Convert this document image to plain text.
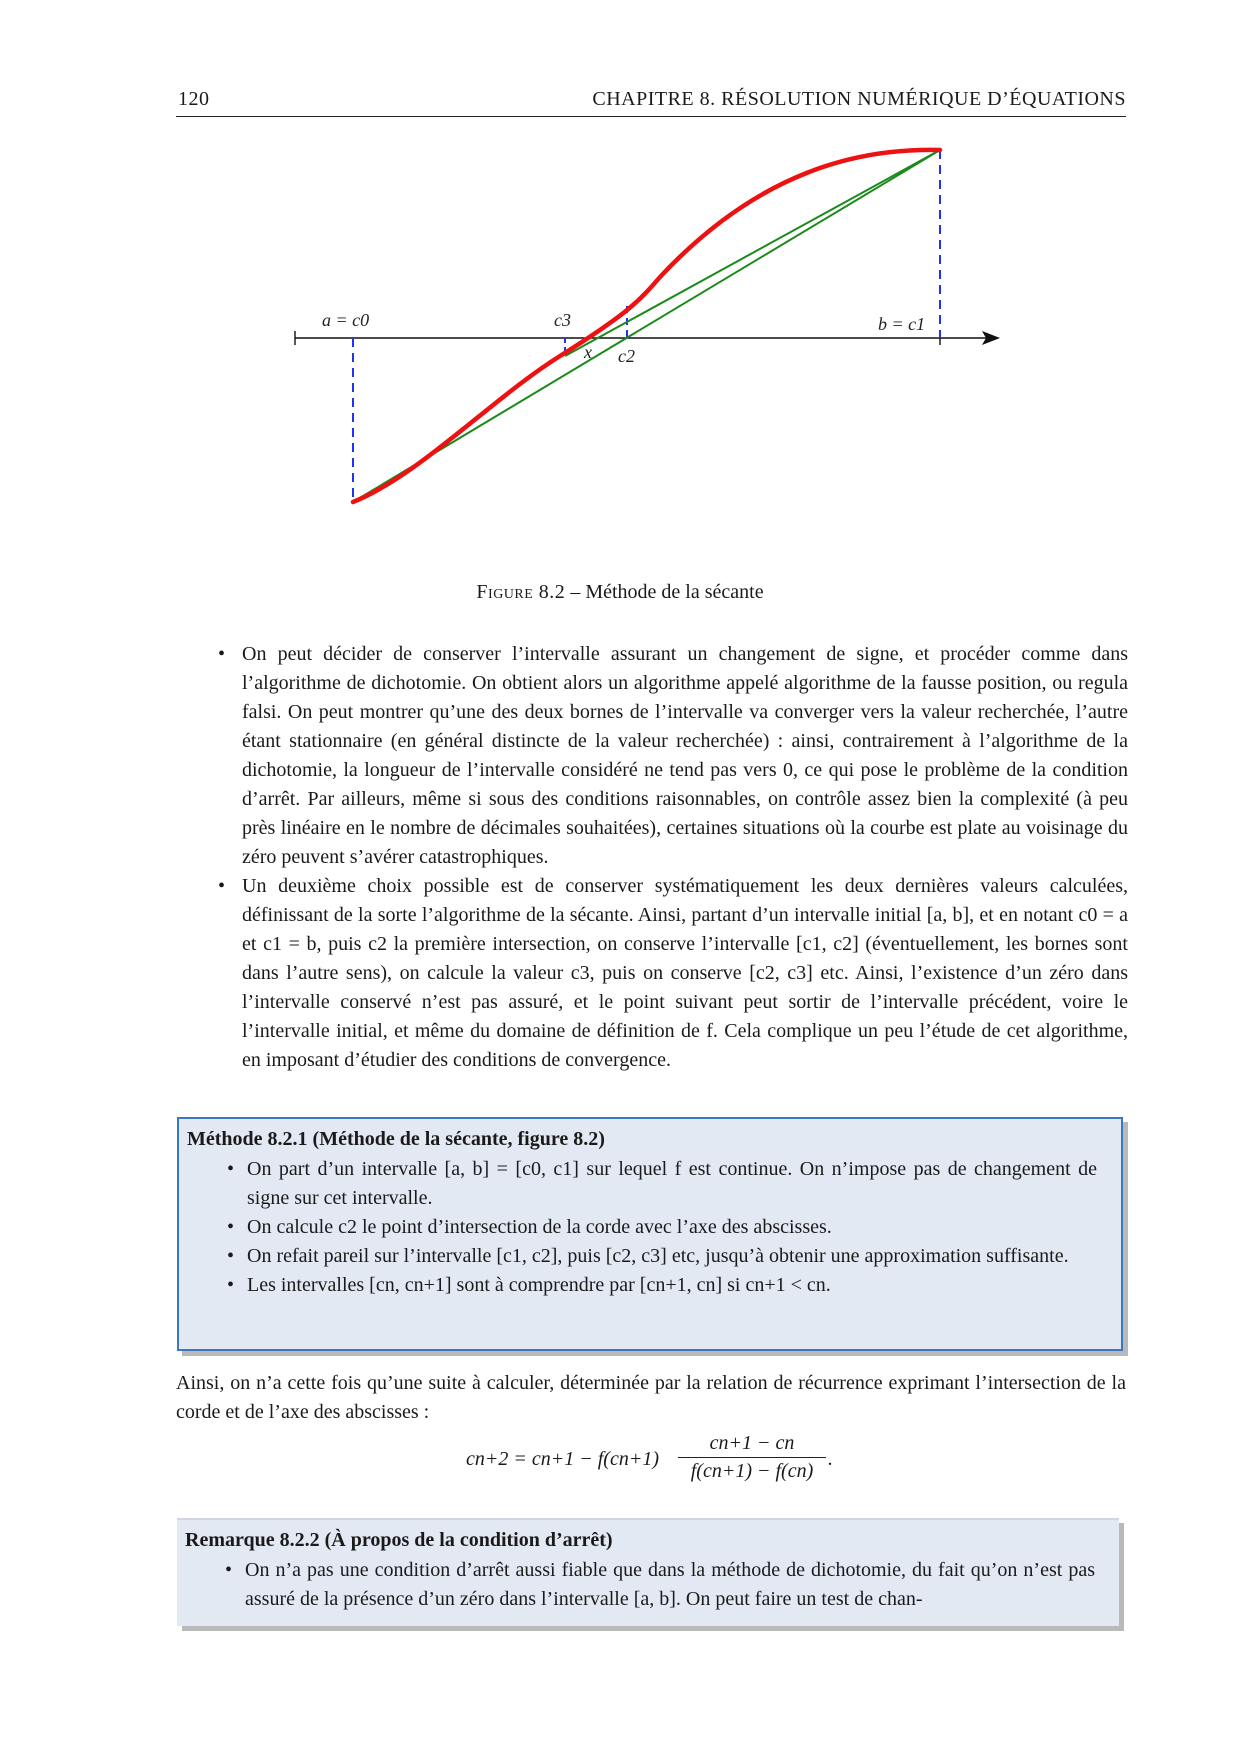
120	CHAPITRE 8. RÉSOLUTION NUMÉRIQUE D’ÉQUATIONS
a = c0	c3
x c2
b = c1
Figure 8.2 – Méthode de la sécante
• On peut décider de conserver l’intervalle assurant un changement de signe, et procéder comme dans l’algorithme de dichotomie. On obtient alors un algorithme appelé algorithme de la fausse position, ou regula falsi. On peut montrer qu’une des deux bornes de l’intervalle va converger vers la valeur recherchée, l’autre étant stationnaire (en général distincte de la valeur recherchée) : ainsi, contrairement à l’algorithme de la dichotomie, la longueur de l’intervalle considéré ne tend pas vers 0, ce qui pose le problème de la condition d’arrêt. Par ailleurs, même si sous des conditions raisonnables, on contrôle assez bien la complexité (à peu près linéaire en le nombre de décimales souhaitées), certaines situations où la courbe est plate au voisinage du zéro peuvent s’avérer catastrophiques.
• Un deuxième choix possible est de conserver systématiquement les deux dernières valeurs calculées, définissant de la sorte l’algorithme de la sécante. Ainsi, partant d’un intervalle initial [a, b], et en notant c0 = a et c1 = b, puis c2 la première intersection, on conserve l’intervalle [c1, c2] (éventuellement, les bornes sont dans l’autre sens), on calcule la valeur c3, puis on conserve [c2, c3] etc. Ainsi, l’existence d’un zéro dans l’intervalle conservé n’est pas assuré, et le point suivant peut sortir de l’intervalle précédent, voire le l’intervalle initial, et même du domaine de définition de f. Cela complique un peu l’étude de cet algorithme, en imposant d’étudier des conditions de convergence.
Méthode 8.2.1 (Méthode de la sécante, figure 8.2)
• On part d’un intervalle [a, b] = [c0, c1] sur lequel f est continue. On n’impose pas de changement de signe sur cet intervalle.
• On calcule c2 le point d’intersection de la corde avec l’axe des abscisses.
• On refait pareil sur l’intervalle [c1, c2], puis [c2, c3] etc, jusqu’à obtenir une approximation suffisante.
• Les intervalles [cn, cn+1] sont à comprendre par [cn+1, cn] si cn+1 < cn.

Ainsi, on n’a cette fois qu’une suite à calculer, déterminée par la relation de récurrence exprimant l’intersection de la corde et de l’axe des abscisses :

$cn+2 = cn+1 - f(cn+1) \frac{cn+1 - cn}{f(cn+1) - f(cn)}$ .
Remarque 8.2.2 (À propos de la condition d’arrêt)
• On n’a pas une condition d’arrêt aussi fiable que dans la méthode de dichotomie, du fait qu’on n’est pas assuré de la présence d’un zéro dans l’intervalle [a, b]. On peut faire un test de chan-
